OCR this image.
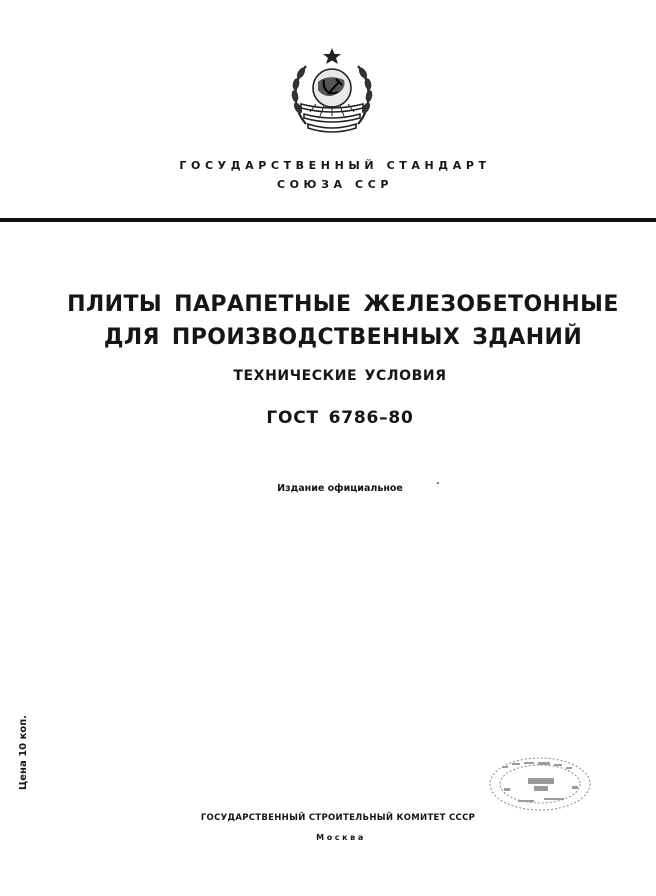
ГОСУДАРСТВЕННЫЙ СТАНДАРТ
СОЮЗА ССР
ПЛИТЫ ПАРАПЕТНЫЕ ЖЕЛЕЗОБЕТОННЫЕ
ДЛЯ ПРОИЗВОДСТВЕННЫХ ЗДАНИЙ
ТЕХНИЧЕСКИЕ УСЛОВИЯ
ГОСТ 6786–80
Издание официальное
Цена 10 коп.
ГОСУДАРСТВЕННЫЙ СТРОИТЕЛЬНЫЙ КОМИТЕТ СССР
Москва
